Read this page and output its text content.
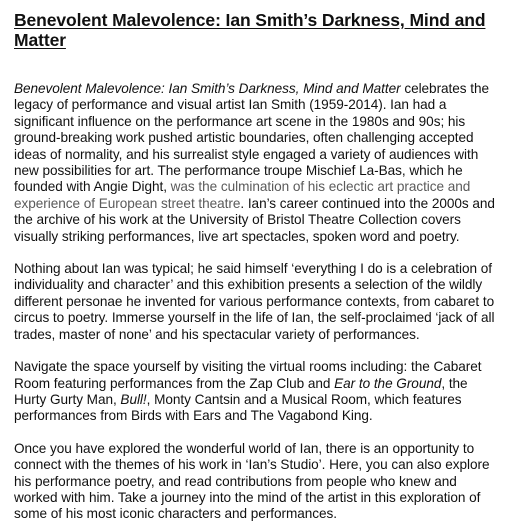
Benevolent Malevolence: Ian Smith’s Darkness, Mind and Matter

Benevolent Malevolence: Ian Smith’s Darkness, Mind and Matter celebrates the legacy of performance and visual artist Ian Smith (1959-2014). Ian had a significant influence on the performance art scene in the 1980s and 90s; his ground-breaking work pushed artistic boundaries, often challenging accepted ideas of normality, and his surrealist style engaged a variety of audiences with new possibilities for art. The performance troupe Mischief La-Bas, which he founded with Angie Dight, was the culmination of his eclectic art practice and experience of European street theatre. Ian’s career continued into the 2000s and the archive of his work at the University of Bristol Theatre Collection covers visually striking performances, live art spectacles, spoken word and poetry.

Nothing about Ian was typical; he said himself ‘everything I do is a celebration of individuality and character’ and this exhibition presents a selection of the wildly different personae he invented for various performance contexts, from cabaret to circus to poetry. Immerse yourself in the life of Ian, the self-proclaimed ‘jack of all trades, master of none’ and his spectacular variety of performances.

Navigate the space yourself by visiting the virtual rooms including: the Cabaret Room featuring performances from the Zap Club and Ear to the Ground, the Hurty Gurty Man, Bull!, Monty Cantsin and a Musical Room, which features performances from Birds with Ears and The Vagabond King.

Once you have explored the wonderful world of Ian, there is an opportunity to connect with the themes of his work in ‘Ian’s Studio’. Here, you can also explore his performance poetry, and read contributions from people who knew and worked with him. Take a journey into the mind of the artist in this exploration of some of his most iconic characters and performances.
